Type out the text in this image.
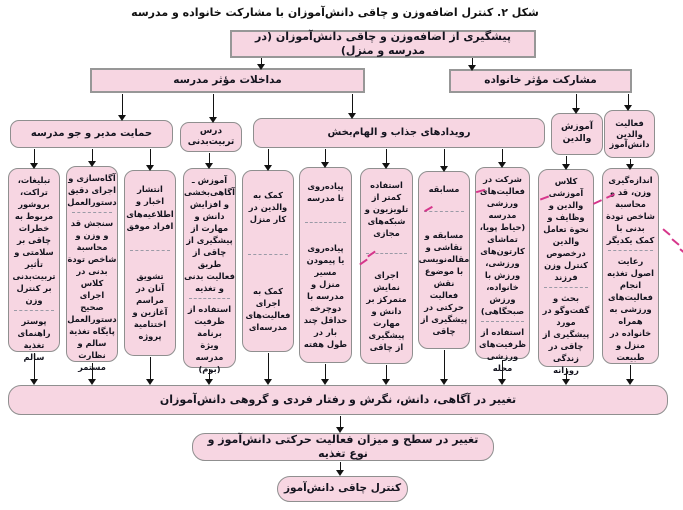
شكل ۲. كنترل اضافه‌وزن و چاقی دانش‌آموزان با مشاركت خانواده و مدرسه
پیشگیری از اضافه‌وزن و چاقی دانش‌آموزان (در مدرسه و منزل)
مداخلات مؤثر مدرسه	مشاركت مؤثر خانواده
حمایت مدیر و جو مدرسه	درس تربیت‌بدنی
رویدادهای جذاب و الهام‌بخش	آموزش والدین
فعالیت والدین دانش‌آموز
تبلیغات، تراکت، بروشور مربوط به خطرات چاقی بر سلامتی و تأثیر تربیت‌بدنی بر کنترل وزن
پوستر راهنمای تغذیة سالم
آگاه‌سازی و اجرای دقیق دستورالعمل
سنجش قد و وزن و محاسبة شاخص تودة بدنی در کلاس اجرای صحیح دستورالعمل پایگاه تغذیة سالم و نظارت مستمر
انتشار اخبار و اطلاعیه‌های افراد موفق
تشویق آنان در مراسم آغازین و اختتامیة پروژه
آموزش ـ آگاهی‌بخشی و افزایش دانش و مهارت از پیشگیری از چاقی از طریق فعالیت بدنی و تغذیه
استفاده از ظرفیت برنامة ویژة مدرسه (بوم)
کمک به والدین در کار منزل
کمک به اجرای فعالیت‌های مدرسه‌ای
پیاده‌روی تا مدرسه
پیاده‌روی یا پیمودن مسیر منزل و مدرسه با دوچرخه حداقل چند بار در طول هفته
استفاده کمتر از تلویزیون و شبکه‌های مجازی
اجرای نمایش متمرکز بر دانش و مهارت پیشگیری از چاقی
مسابقه
مسابقه و نقاشی و مقاله‌نویسی با موضوع نقش فعالیت حرکتی در پیشگیری از چاقی
شرکت در فعالیت‌های ورزشی مدرسه (حیاط پویا، تماشای کارتون‌های ورزشی، ورزش با خانواده، ورزش صبحگاهی)
استفاده از ظرفیت‌های ورزشی محله
کلاس آموزشی والدین و وظایف و نحوة تعامل والدین درخصوص کنترل وزن فرزند
بحث و گفت‌وگو در مورد پیشگیری از چاقی در زندگی روزانه
اندازه‌گیری وزن، قد و محاسبة شاخص تودة بدنی با کمک یکدیگر
رعایت اصول تغذیه انجام فعالیت‌های ورزشی به همراه خانواده در منزل و طبیعت
تغییر در آگاهی، دانش، نگرش و رفتار فردی و گروهی دانش‌آموزان
تغییر در سطح و میزان فعالیت حرکتی دانش‌آموز و نوع تغذیه
کنترل چاقی دانش‌آموز
